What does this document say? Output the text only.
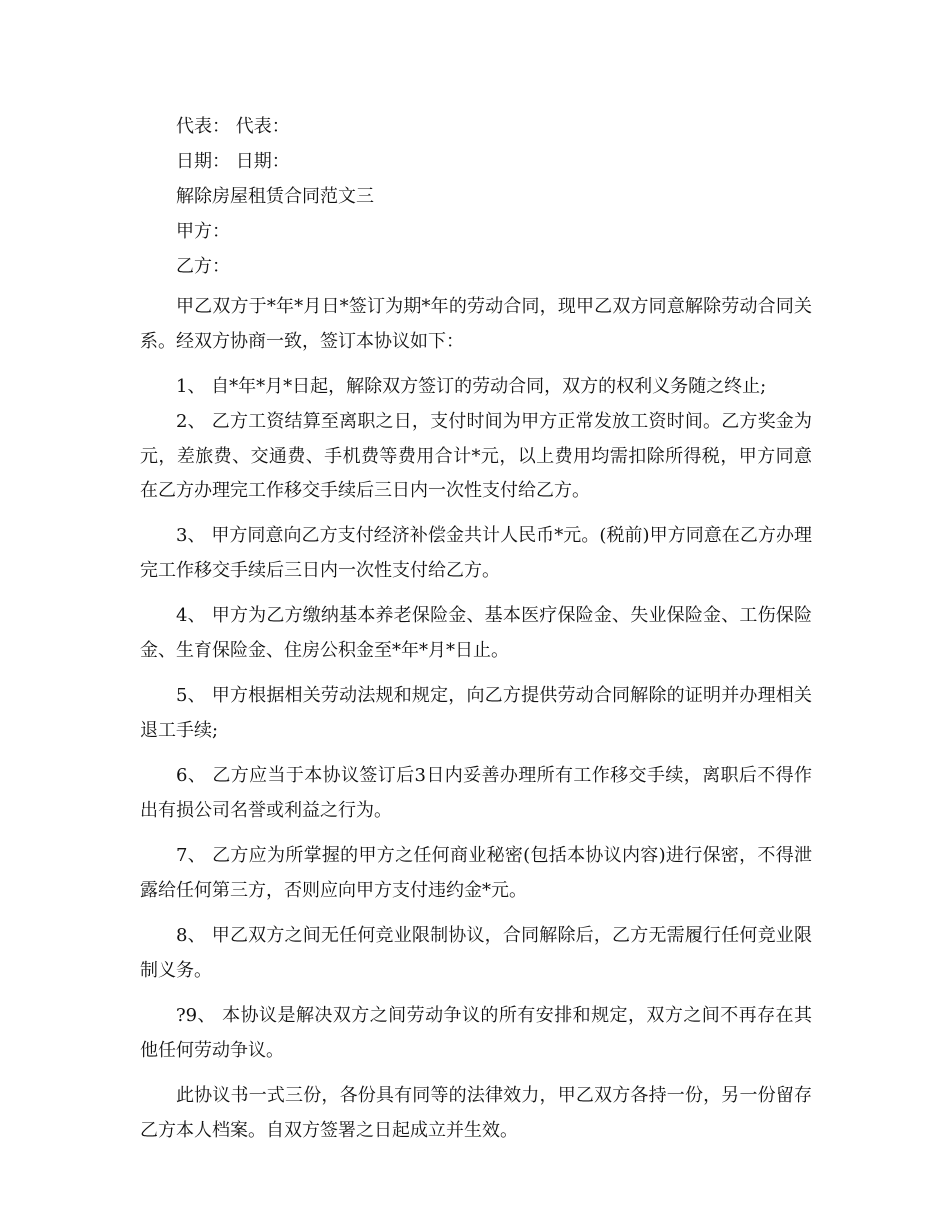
代表： 代表：
日期： 日期：
解除房屋租赁合同范文三
甲方：
乙方：
甲乙双方于*年*月日*签订为期*年的劳动合同，现甲乙双方同意解除劳动合同关系。经双方协商一致，签订本协议如下：
1、 自*年*月*日起，解除双方签订的劳动合同，双方的权利义务随之终止;
2、 乙方工资结算至离职之日，支付时间为甲方正常发放工资时间。乙方奖金为元，差旅费、交通费、手机费等费用合计*元，以上费用均需扣除所得税，甲方同意在乙方办理完工作移交手续后三日内一次性支付给乙方。
3、 甲方同意向乙方支付经济补偿金共计人民币*元。(税前)甲方同意在乙方办理完工作移交手续后三日内一次性支付给乙方。
4、 甲方为乙方缴纳基本养老保险金、基本医疗保险金、失业保险金、工伤保险金、生育保险金、住房公积金至*年*月*日止。
5、 甲方根据相关劳动法规和规定，向乙方提供劳动合同解除的证明并办理相关退工手续;
6、 乙方应当于本协议签订后3日内妥善办理所有工作移交手续，离职后不得作出有损公司名誉或利益之行为。
7、 乙方应为所掌握的甲方之任何商业秘密(包括本协议内容)进行保密，不得泄露给任何第三方，否则应向甲方支付违约金*元。
8、 甲乙双方之间无任何竞业限制协议，合同解除后，乙方无需履行任何竞业限制义务。
?9、 本协议是解决双方之间劳动争议的所有安排和规定，双方之间不再存在其他任何劳动争议。
此协议书一式三份，各份具有同等的法律效力，甲乙双方各持一份，另一份留存乙方本人档案。自双方签署之日起成立并生效。
